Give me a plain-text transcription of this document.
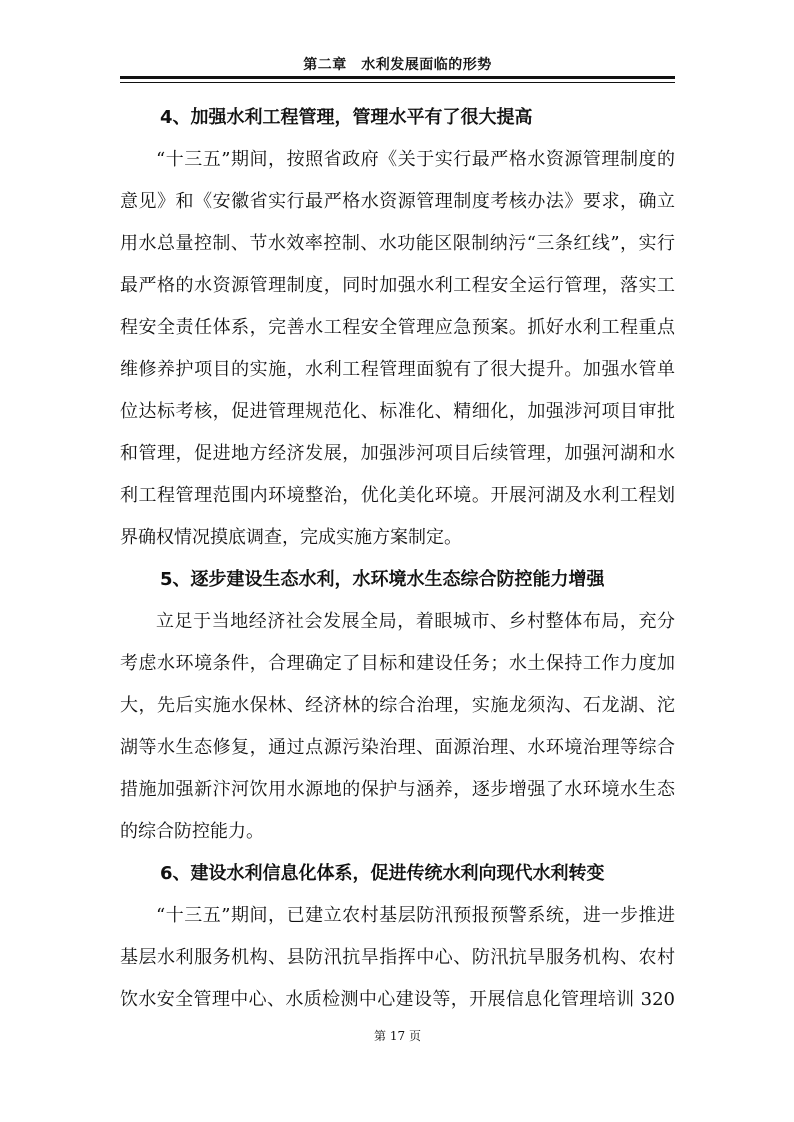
第二章　水利发展面临的形势
4、加强水利工程管理，管理水平有了很大提高
“十三五”期间，按照省政府《关于实行最严格水资源管理制度的
意见》和《安徽省实行最严格水资源管理制度考核办法》要求，确立
用水总量控制、节水效率控制、水功能区限制纳污“三条红线”，实行
最严格的水资源管理制度，同时加强水利工程安全运行管理，落实工
程安全责任体系，完善水工程安全管理应急预案。抓好水利工程重点
维修养护项目的实施，水利工程管理面貌有了很大提升。加强水管单
位达标考核，促进管理规范化、标准化、精细化，加强涉河项目审批
和管理，促进地方经济发展，加强涉河项目后续管理，加强河湖和水
利工程管理范围内环境整治，优化美化环境。开展河湖及水利工程划
界确权情况摸底调查，完成实施方案制定。
5、逐步建设生态水利，水环境水生态综合防控能力增强
立足于当地经济社会发展全局，着眼城市、乡村整体布局，充分
考虑水环境条件，合理确定了目标和建设任务；水土保持工作力度加
大，先后实施水保林、经济林的综合治理，实施龙须沟、石龙湖、沱
湖等水生态修复，通过点源污染治理、面源治理、水环境治理等综合
措施加强新汴河饮用水源地的保护与涵养，逐步增强了水环境水生态
的综合防控能力。
6、建设水利信息化体系，促进传统水利向现代水利转变
“十三五”期间，已建立农村基层防汛预报预警系统，进一步推进
基层水利服务机构、县防汛抗旱指挥中心、防汛抗旱服务机构、农村
饮水安全管理中心、水质检测中心建设等，开展信息化管理培训 320
第 17 页
